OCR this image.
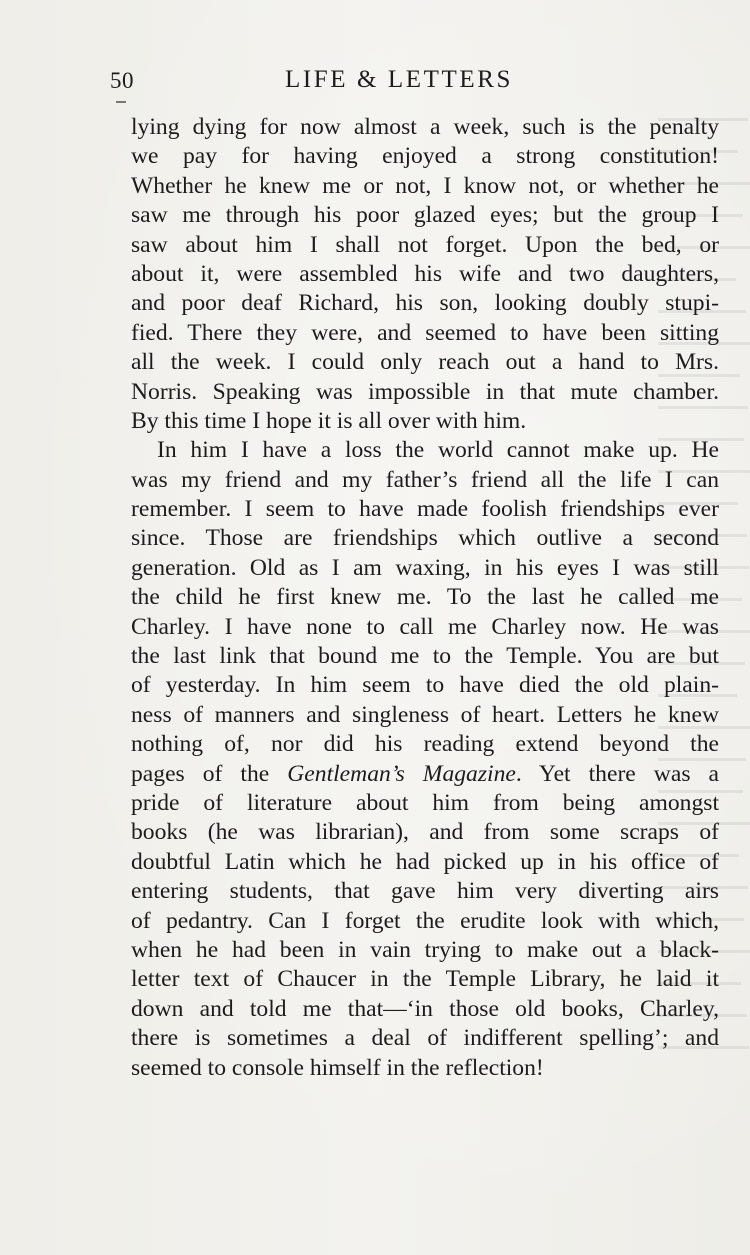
50	LIFE & LETTERS
lying dying for now almost a week, such is the penalty
we pay for having enjoyed a strong constitution!
Whether he knew me or not, I know not, or whether he
saw me through his poor glazed eyes; but the group I
saw about him I shall not forget. Upon the bed, or
about it, were assembled his wife and two daughters,
and poor deaf Richard, his son, looking doubly stupi-
fied. There they were, and seemed to have been sitting
all the week. I could only reach out a hand to Mrs.
Norris. Speaking was impossible in that mute chamber.
By this time I hope it is all over with him.
In him I have a loss the world cannot make up. He
was my friend and my father’s friend all the life I can
remember. I seem to have made foolish friendships ever
since. Those are friendships which outlive a second
generation. Old as I am waxing, in his eyes I was still
the child he first knew me. To the last he called me
Charley. I have none to call me Charley now. He was
the last link that bound me to the Temple. You are but
of yesterday. In him seem to have died the old plain-
ness of manners and singleness of heart. Letters he knew
nothing of, nor did his reading extend beyond the
pages of the Gentleman’s Magazine. Yet there was a
pride of literature about him from being amongst
books (he was librarian), and from some scraps of
doubtful Latin which he had picked up in his office of
entering students, that gave him very diverting airs
of pedantry. Can I forget the erudite look with which,
when he had been in vain trying to make out a black-
letter text of Chaucer in the Temple Library, he laid it
down and told me that—‘in those old books, Charley,
there is sometimes a deal of indifferent spelling’; and
seemed to console himself in the reflection!
